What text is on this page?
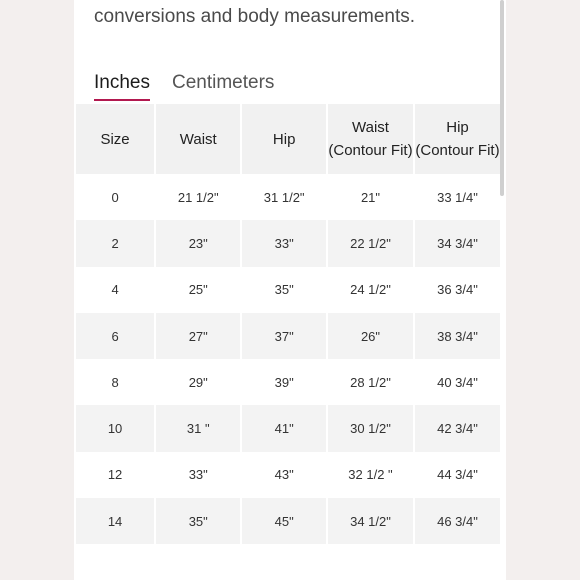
conversions and body measurements.

Inches Centimeters
Size	Waist	Hip	Waist (Contour Fit)	Hip (Contour Fit)
0	21 1/2"	31 1/2"	21"	33 1/4"
2	23"	33"	22 1/2"	34 3/4"
4	25"	35"	24 1/2"	36 3/4"
6	27"	37"	26"	38 3/4"
8	29"	39"	28 1/2"	40 3/4"
10	31 "	41"	30 1/2"	42 3/4"
12	33"	43"	32 1/2 "	44 3/4"
14	35"	45"	34 1/2"	46 3/4"
